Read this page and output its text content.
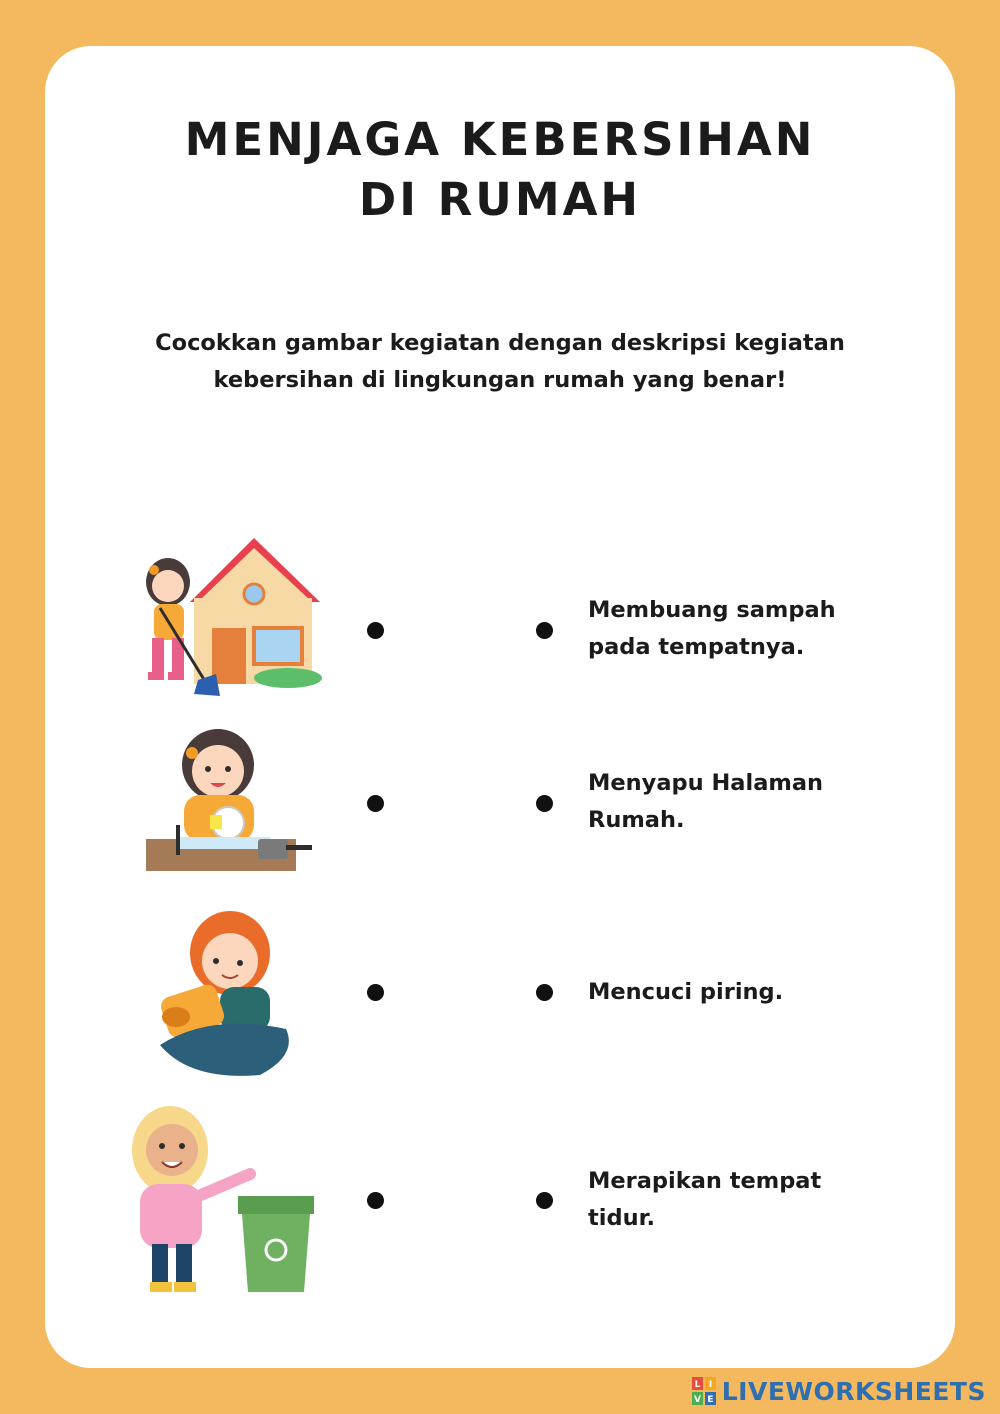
MENJAGA KEBERSIHAN
DI RUMAH
Cocokkan gambar kegiatan dengan deskripsi kegiatan
kebersihan di lingkungan rumah yang benar!
Membuang sampah
pada tempatnya.
Menyapu Halaman
Rumah.
Mencuci piring.
Merapikan tempat
tidur.
L I
V E LIVEWORKSHEETS
